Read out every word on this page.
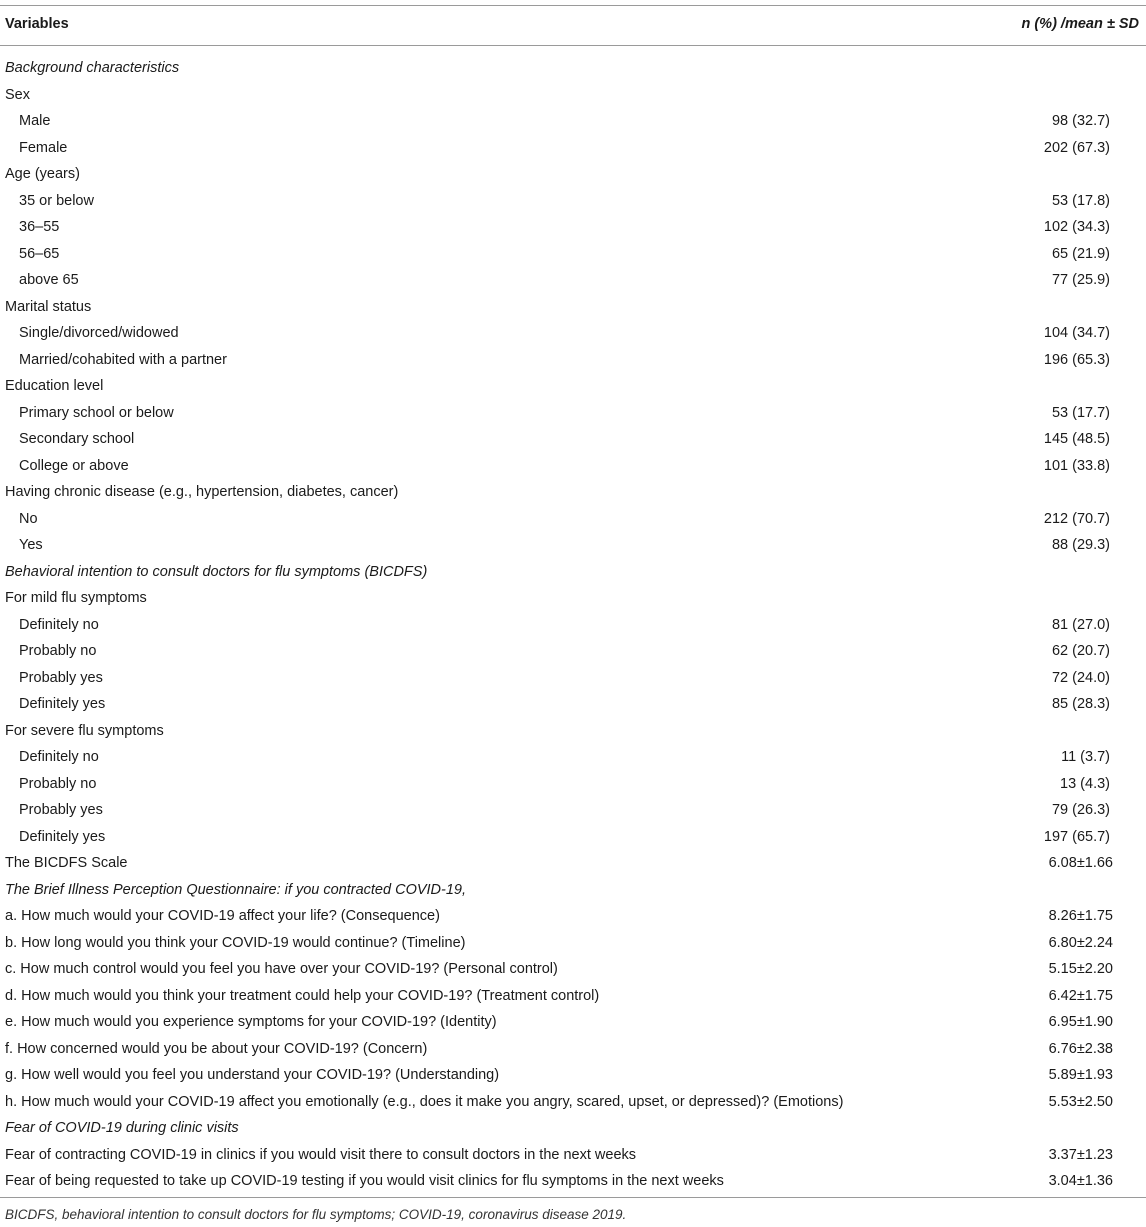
Variables	n (%) /mean ± SD
Background characteristics
Sex
Male	98 (32.7)
Female	202 (67.3)
Age (years)
35 or below	53 (17.8)
36–55	102 (34.3)
56–65	65 (21.9)
above 65	77 (25.9)
Marital status
Single/divorced/widowed	104 (34.7)
Married/cohabited with a partner	196 (65.3)
Education level
Primary school or below	53 (17.7)
Secondary school	145 (48.5)
College or above	101 (33.8)
Having chronic disease (e.g., hypertension, diabetes, cancer)
No	212 (70.7)
Yes	88 (29.3)
Behavioral intention to consult doctors for flu symptoms (BICDFS)
For mild flu symptoms
Definitely no	81 (27.0)
Probably no	62 (20.7)
Probably yes	72 (24.0)
Definitely yes	85 (28.3)
For severe flu symptoms
Definitely no	11 (3.7)
Probably no	13 (4.3)
Probably yes	79 (26.3)
Definitely yes	197 (65.7)
The BICDFS Scale	6.08±1.66
The Brief Illness Perception Questionnaire: if you contracted COVID-19,
a. How much would your COVID-19 affect your life? (Consequence)	8.26±1.75
b. How long would you think your COVID-19 would continue? (Timeline)	6.80±2.24
c. How much control would you feel you have over your COVID-19? (Personal control)	5.15±2.20
d. How much would you think your treatment could help your COVID-19? (Treatment control)	6.42±1.75
e. How much would you experience symptoms for your COVID-19? (Identity)	6.95±1.90
f. How concerned would you be about your COVID-19? (Concern)	6.76±2.38
g. How well would you feel you understand your COVID-19? (Understanding)	5.89±1.93
h. How much would your COVID-19 affect you emotionally (e.g., does it make you angry, scared, upset, or depressed)? (Emotions)	5.53±2.50
Fear of COVID-19 during clinic visits
Fear of contracting COVID-19 in clinics if you would visit there to consult doctors in the next weeks	3.37±1.23
Fear of being requested to take up COVID-19 testing if you would visit clinics for flu symptoms in the next weeks	3.04±1.36
BICDFS, behavioral intention to consult doctors for flu symptoms; COVID-19, coronavirus disease 2019.
